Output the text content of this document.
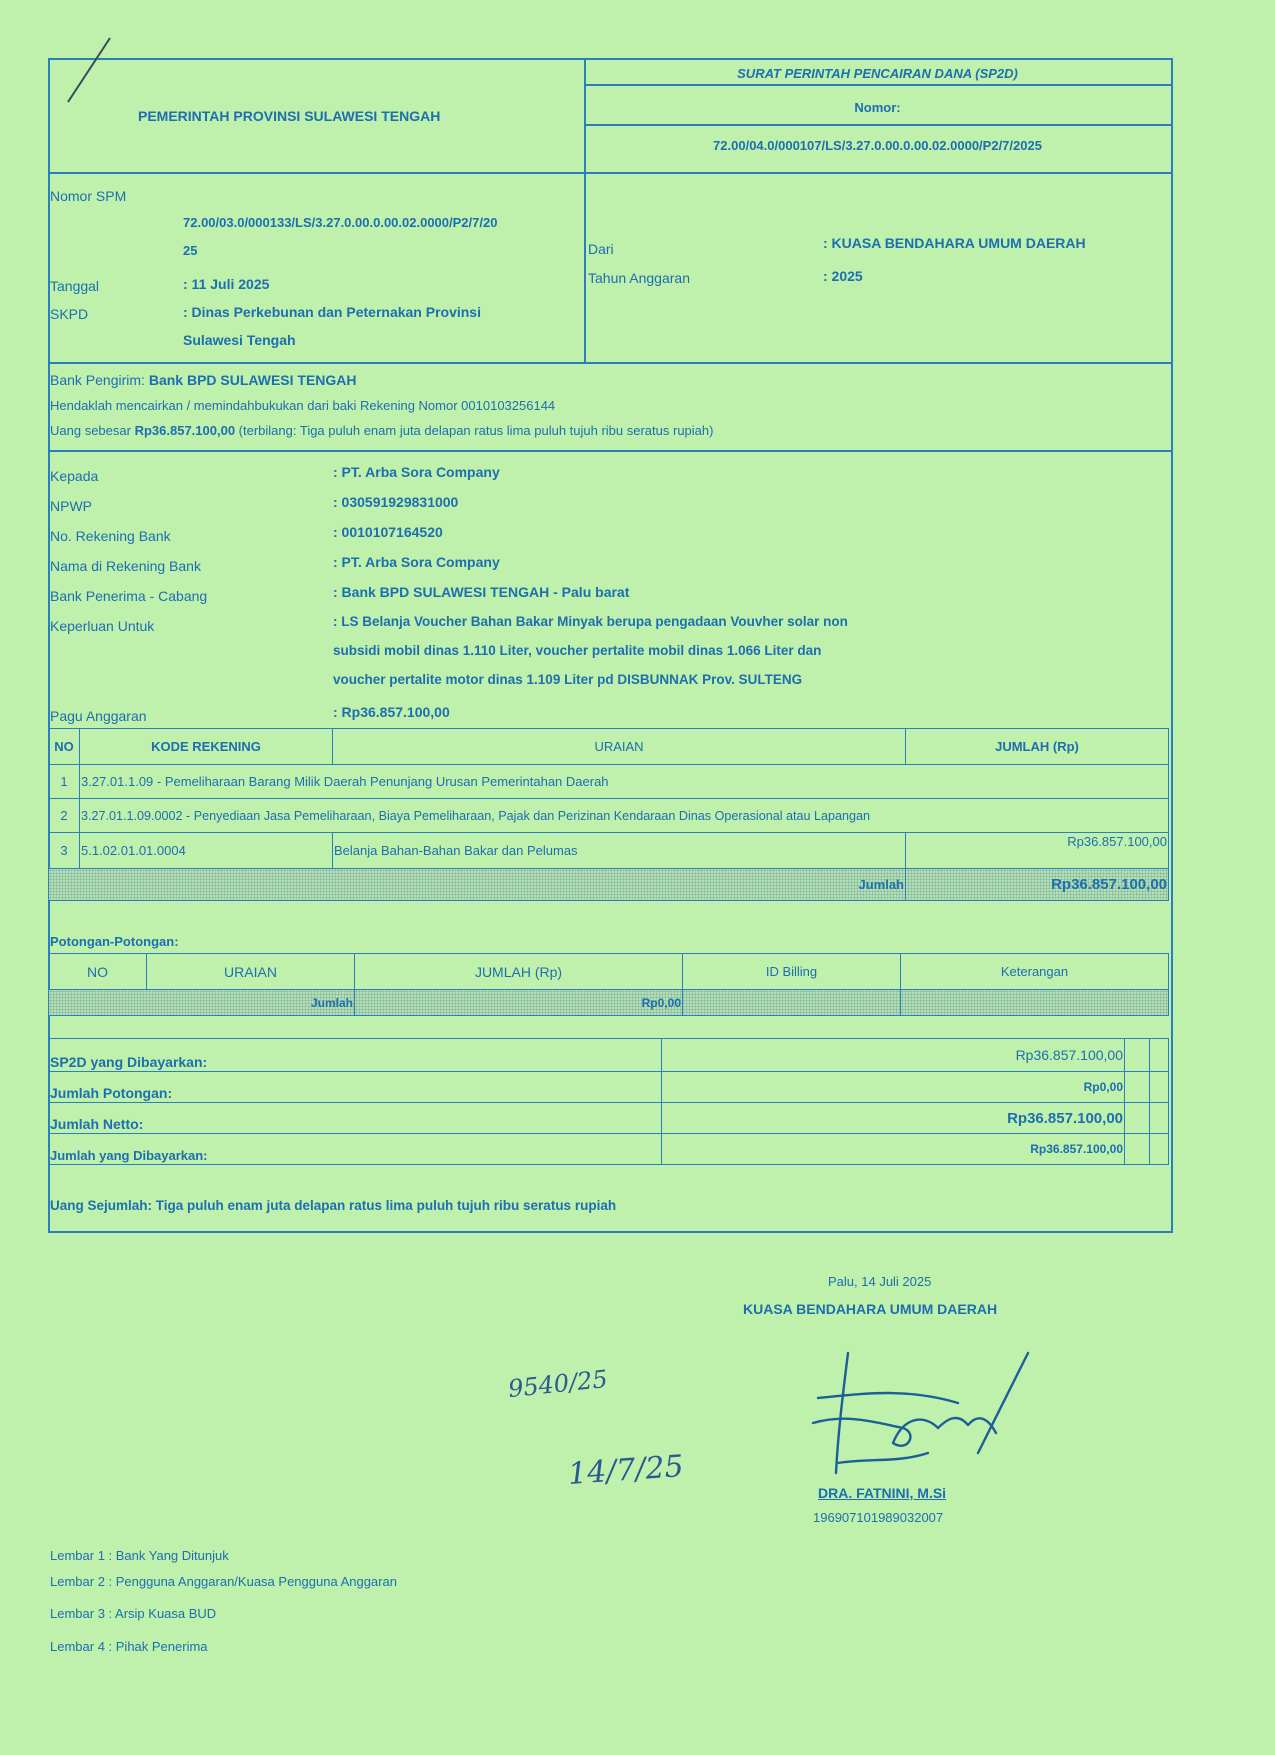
PEMERINTAH PROVINSI SULAWESI TENGAH
SURAT PERINTAH PENCAIRAN DANA (SP2D)
Nomor:
72.00/04.0/000107/LS/3.27.0.00.0.00.02.0000/P2/7/2025
Nomor SPM
72.00/03.0/000133/LS/3.27.0.00.0.00.02.0000/P2/7/20
25
Tanggal	: 11 Juli 2025
SKPD	: Dinas Perkebunan dan Peternakan Provinsi
Sulawesi Tengah
Dari	: KUASA BENDAHARA UMUM DAERAH
Tahun Anggaran	: 2025
Bank Pengirim: Bank BPD SULAWESI TENGAH
Hendaklah mencairkan / memindahbukukan dari baki Rekening Nomor 0010103256144
Uang sebesar Rp36.857.100,00 (terbilang: Tiga puluh enam juta delapan ratus lima puluh tujuh ribu seratus rupiah)
Kepada	: PT. Arba Sora Company
NPWP	: 030591929831000
No. Rekening Bank	: 0010107164520
Nama di Rekening Bank	: PT. Arba Sora Company
Bank Penerima - Cabang	: Bank BPD SULAWESI TENGAH - Palu barat
Keperluan Untuk	: LS Belanja Voucher Bahan Bakar Minyak berupa pengadaan Vouvher solar non
subsidi mobil dinas 1.110 Liter, voucher pertalite mobil dinas 1.066 Liter dan
voucher pertalite motor dinas 1.109 Liter pd DISBUNNAK Prov. SULTENG
Pagu Anggaran	: Rp36.857.100,00
NO	KODE REKENING	URAIAN	JUMLAH (Rp)
1	3.27.01.1.09 - Pemeliharaan Barang Milik Daerah Penunjang Urusan Pemerintahan Daerah		
2	3.27.01.1.09.0002 - Penyediaan Jasa Pemeliharaan, Biaya Pemeliharaan, Pajak dan Perizinan Kendaraan Dinas Operasional atau Lapangan		
3	5.1.02.01.01.0004	Belanja Bahan-Bahan Bakar dan Pelumas	Rp36.857.100,00
Jumlah			Rp36.857.100,00
Potongan-Potongan:
NO	URAIAN	JUMLAH (Rp)	ID Billing	Keterangan
Jumlah		Rp0,00		
SP2D yang Dibayarkan:	Rp36.857.100,00		
Jumlah Potongan:	Rp0,00		
Jumlah Netto:	Rp36.857.100,00		
Jumlah yang Dibayarkan:	Rp36.857.100,00		
Uang Sejumlah: Tiga puluh enam juta delapan ratus lima puluh tujuh ribu seratus rupiah
Palu, 14 Juli 2025
KUASA BENDAHARA UMUM DAERAH
DRA. FATNINI, M.Si
196907101989032007
9540/25
14/7/25
Lembar 1 : Bank Yang Ditunjuk
Lembar 2 : Pengguna Anggaran/Kuasa Pengguna Anggaran
Lembar 3 : Arsip Kuasa BUD
Lembar 4 : Pihak Penerima
